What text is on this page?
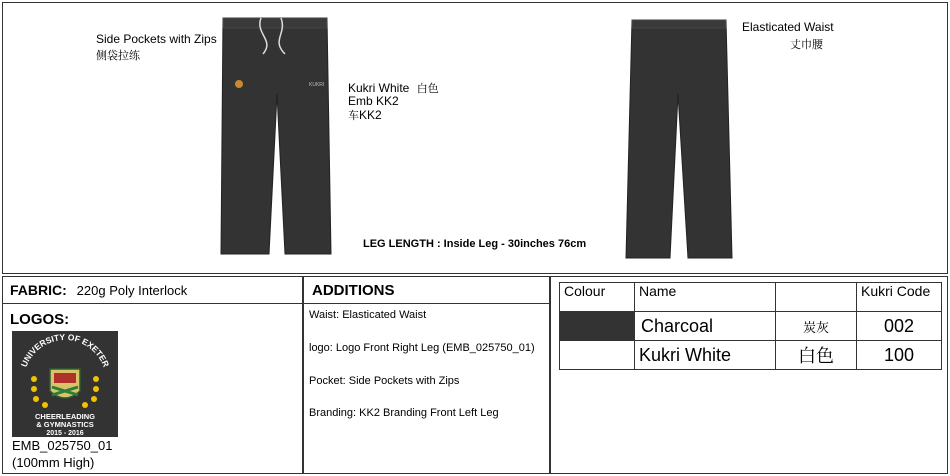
KUKRI
Side Pockets with Zips
侧袋拉练
Kukri White 白色
Emb KK2
车KK2
Elasticated Waist
丈巾腰
LEG LENGTH : Inside Leg - 30inches 76cm
FABRIC: 220g Poly Interlock
LOGOS:
UNIVERSITY OF EXETER
CHEERLEADING
& GYMNASTICS
2015 - 2016
EMB_025750_01
(100mm High)
ADDITIONS
Waist: Elasticated Waist
logo: Logo Front Right Leg (EMB_025750_01)
Pocket: Side Pockets with Zips
Branding: KK2 Branding Front Left Leg
Colour	Name		Kukri Code
	Charcoal	炭灰	002
	Kukri White	白色	100
